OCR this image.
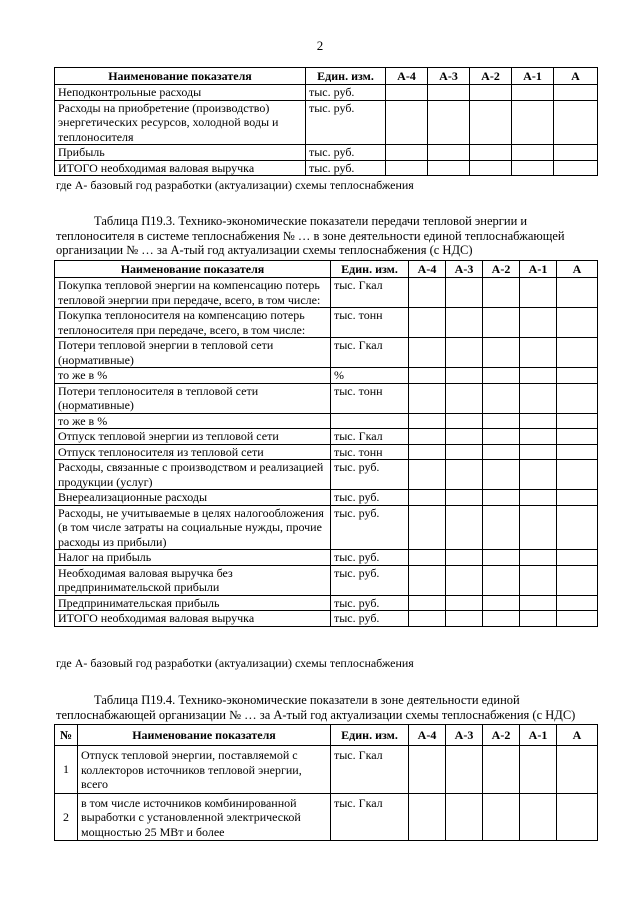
2
Наименование показателя	Един. изм.	А-4	А-3	А-2	А-1	А
Неподконтрольные расходы	тыс. руб.					
Расходы на приобретение (производство) энергетических ресурсов, холодной воды и теплоносителя	тыс. руб.					
Прибыль	тыс. руб.					
ИТОГО необходимая валовая выручка	тыс. руб.					
где А- базовый год разработки (актуализации) схемы теплоснабжения

Таблица П19.3. Технико-экономические показатели передачи тепловой энергии и

теплоносителя в системе теплоснабжения № … в зоне деятельности единой теплоснабжающей

организации № … за А-тый год актуализации схемы теплоснабжения (с НДС)

Наименование показателя	Един. изм.	А-4	А-3	А-2	А-1	А
Покупка тепловой энергии на компенсацию потерь тепловой энергии при передаче, всего, в том числе:	тыс. Гкал					
Покупка теплоносителя на компенсацию потерь теплоносителя при передаче, всего, в том числе:	тыс. тонн					
Потери тепловой энергии в тепловой сети (нормативные)	тыс. Гкал					
то же в %	%					
Потери теплоносителя в тепловой сети (нормативные)	тыс. тонн					
то же в %						
Отпуск тепловой энергии из тепловой сети	тыс. Гкал					
Отпуск теплоносителя из тепловой сети	тыс. тонн					
Расходы, связанные с производством и реализацией продукции (услуг)	тыс. руб.					
Внереализационные расходы	тыс. руб.					
Расходы, не учитываемые в целях налогообложения (в том числе затраты на социальные нужды, прочие расходы из прибыли)	тыс. руб.					
Налог на прибыль	тыс. руб.					
Необходимая валовая выручка без предпринимательской прибыли	тыс. руб.					
Предпринимательская прибыль	тыс. руб.					
ИТОГО необходимая валовая выручка	тыс. руб.					
где А- базовый год разработки (актуализации) схемы теплоснабжения

Таблица П19.4. Технико-экономические показатели в зоне деятельности единой

теплоснабжающей организации № … за А-тый год актуализации схемы теплоснабжения (с НДС)

№	Наименование показателя	Един. изм.	А-4	А-3	А-2	А-1	А
1	Отпуск тепловой энергии, поставляемой с коллекторов источников тепловой энергии, всего	тыс. Гкал					
2	в том числе источников комбинированной выработки с установленной электрической мощностью 25 МВт и более	тыс. Гкал					
